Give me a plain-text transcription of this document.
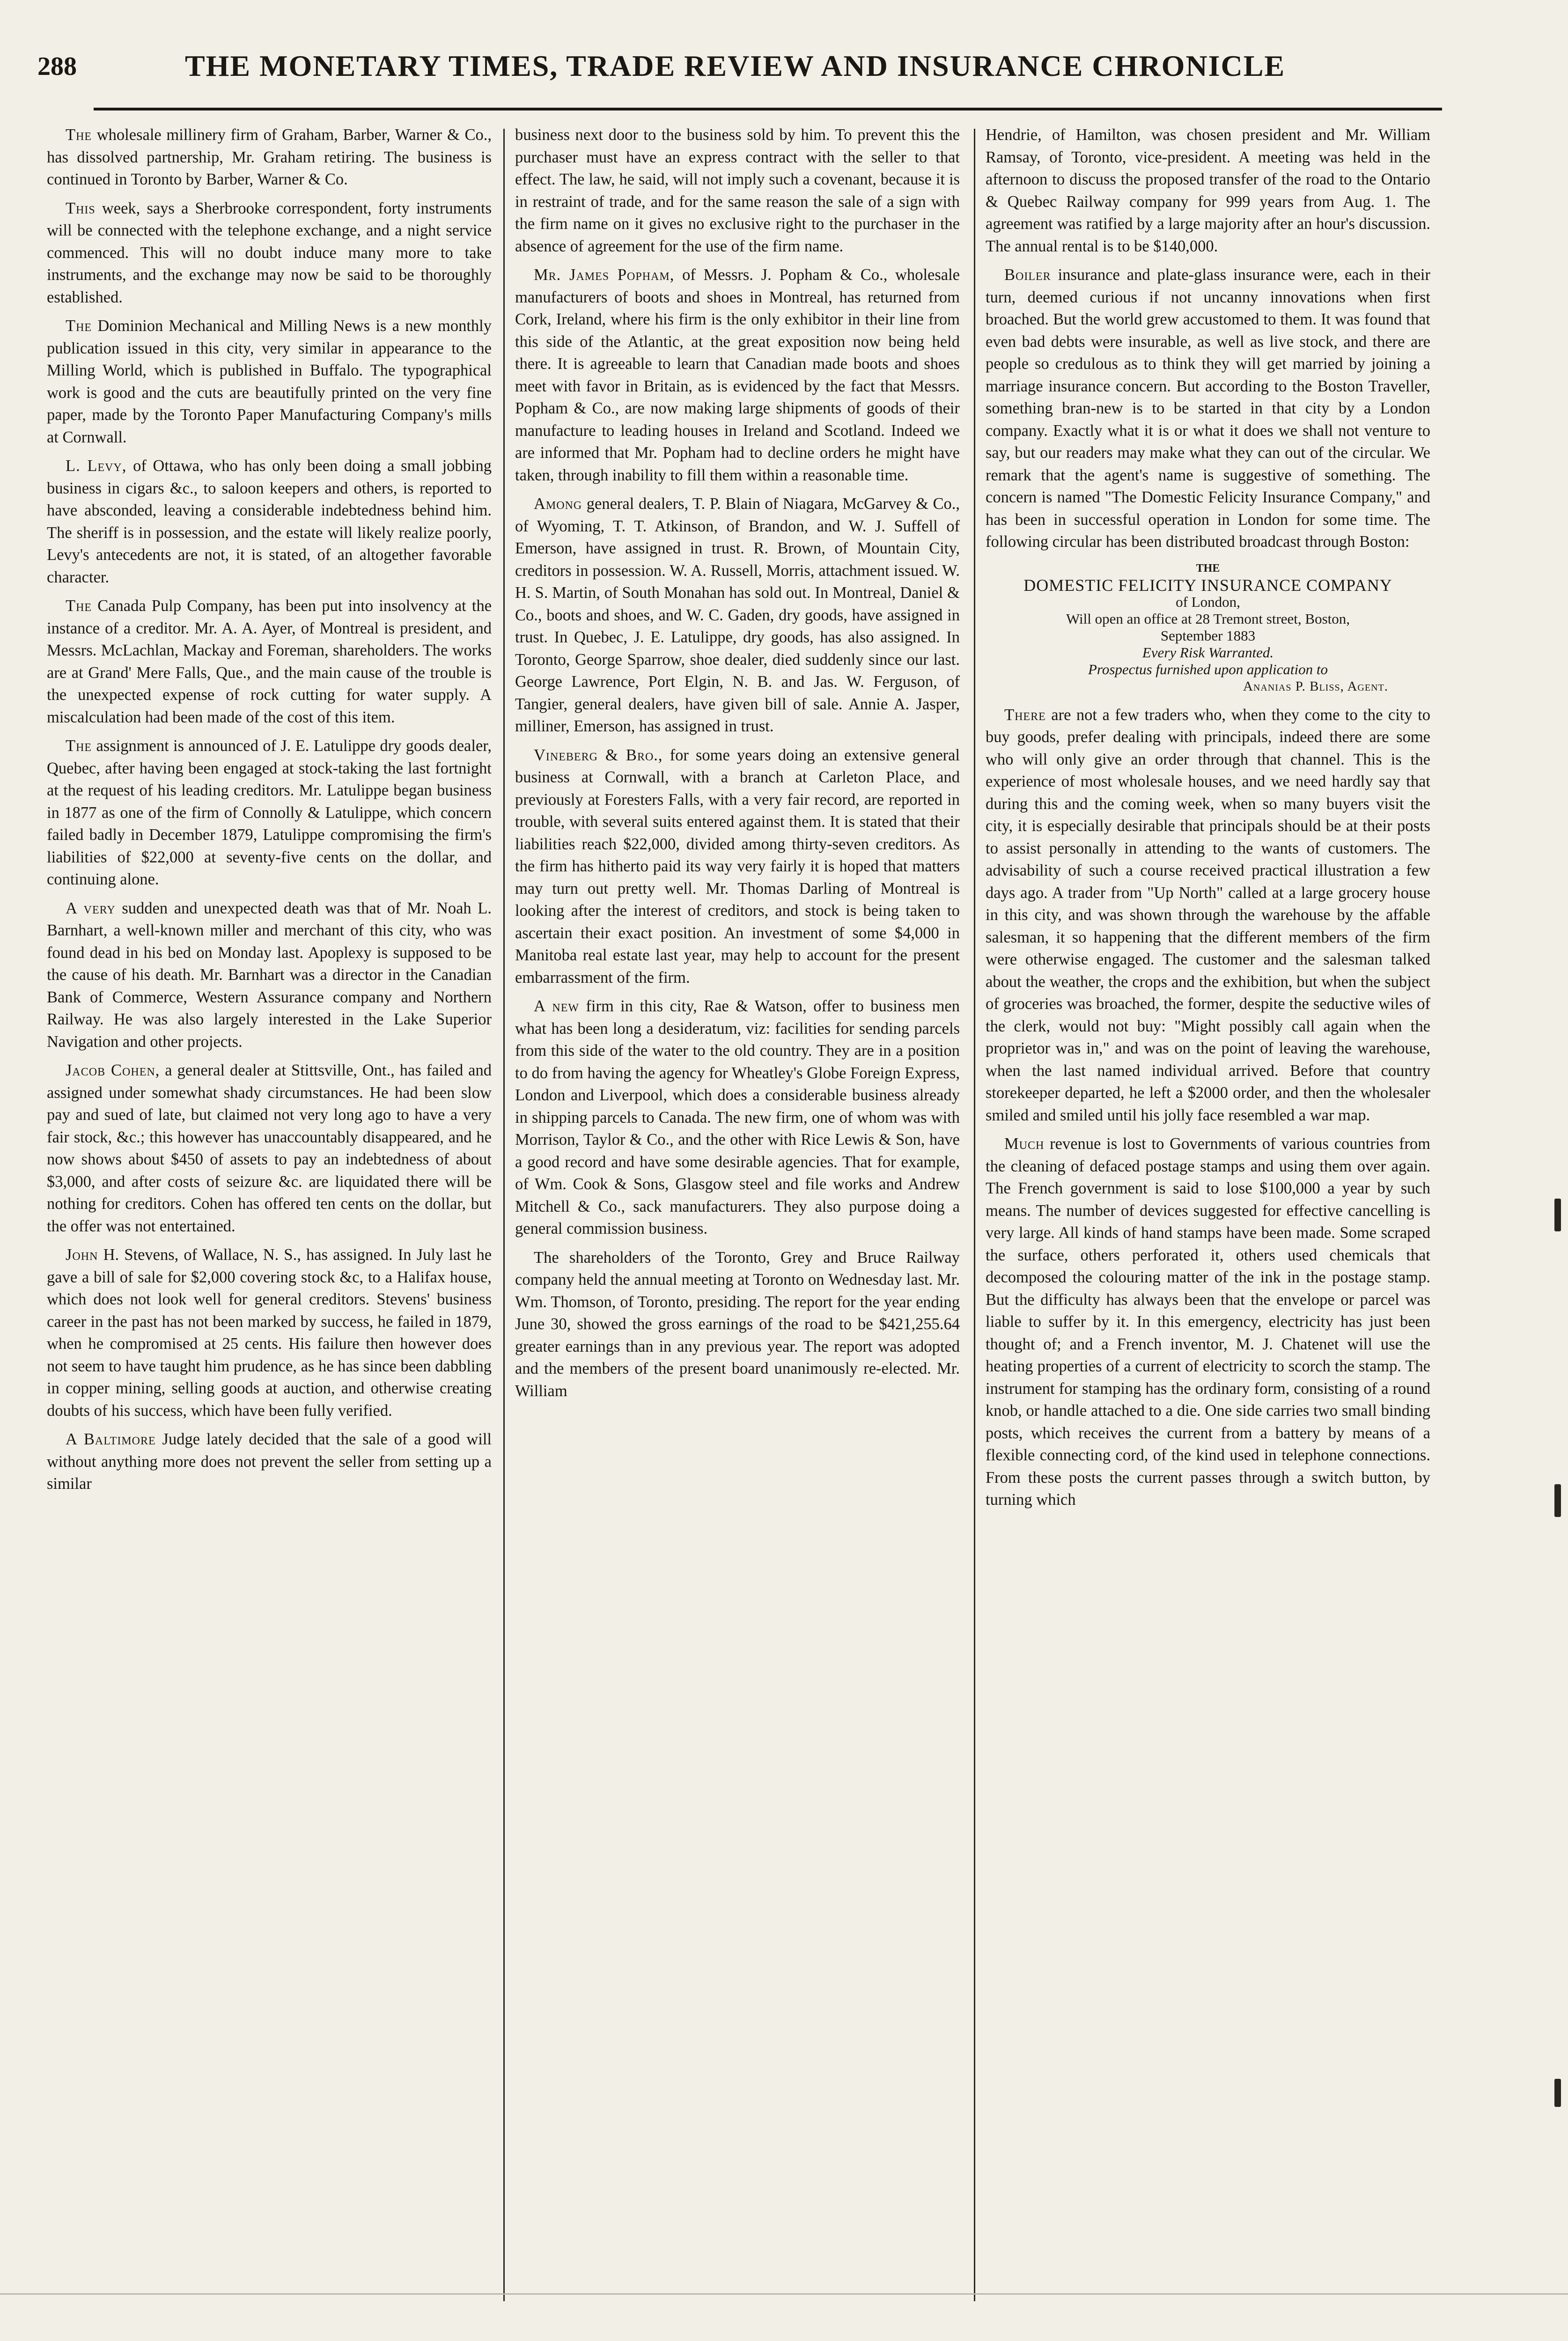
288	THE MONETARY TIMES, TRADE REVIEW AND INSURANCE CHRONICLE

The wholesale millinery firm of Graham, Barber, Warner & Co., has dissolved partnership, Mr. Graham retiring. The business is continued in Toronto by Barber, Warner & Co.

This week, says a Sherbrooke correspondent, forty instruments will be connected with the telephone exchange, and a night service commenced. This will no doubt induce many more to take instruments, and the exchange may now be said to be thoroughly established.

The Dominion Mechanical and Milling News is a new monthly publication issued in this city, very similar in appearance to the Milling World, which is published in Buffalo. The typographical work is good and the cuts are beautifully printed on the very fine paper, made by the Toronto Paper Manufacturing Company's mills at Cornwall.

L. Levy, of Ottawa, who has only been doing a small jobbing business in cigars &c., to saloon keepers and others, is reported to have absconded, leaving a considerable indebtedness behind him. The sheriff is in possession, and the estate will likely realize poorly, Levy's antecedents are not, it is stated, of an altogether favorable character.

The Canada Pulp Company, has been put into insolvency at the instance of a creditor. Mr. A. A. Ayer, of Montreal is president, and Messrs. McLachlan, Mackay and Foreman, shareholders. The works are at Grand' Mere Falls, Que., and the main cause of the trouble is the unexpected expense of rock cutting for water supply. A miscalculation had been made of the cost of this item.

The assignment is announced of J. E. Latulippe dry goods dealer, Quebec, after having been engaged at stock-taking the last fortnight at the request of his leading creditors. Mr. Latulippe began business in 1877 as one of the firm of Connolly & Latulippe, which concern failed badly in December 1879, Latulippe compromising the firm's liabilities of $22,000 at seventy-five cents on the dollar, and continuing alone.

A very sudden and unexpected death was that of Mr. Noah L. Barnhart, a well-known miller and merchant of this city, who was found dead in his bed on Monday last. Apoplexy is supposed to be the cause of his death. Mr. Barnhart was a director in the Canadian Bank of Commerce, Western Assurance company and Northern Railway. He was also largely interested in the Lake Superior Navigation and other projects.

Jacob Cohen, a general dealer at Stittsville, Ont., has failed and assigned under somewhat shady circumstances. He had been slow pay and sued of late, but claimed not very long ago to have a very fair stock, &c.; this however has unaccountably disappeared, and he now shows about $450 of assets to pay an indebtedness of about $3,000, and after costs of seizure &c. are liquidated there will be nothing for creditors. Cohen has offered ten cents on the dollar, but the offer was not entertained.

John H. Stevens, of Wallace, N. S., has assigned. In July last he gave a bill of sale for $2,000 covering stock &c, to a Halifax house, which does not look well for general creditors. Stevens' business career in the past has not been marked by success, he failed in 1879, when he compromised at 25 cents. His failure then however does not seem to have taught him prudence, as he has since been dabbling in copper mining, selling goods at auction, and otherwise creating doubts of his success, which have been fully verified.

A Baltimore Judge lately decided that the sale of a good will without anything more does not prevent the seller from setting up a similar

business next door to the business sold by him. To prevent this the purchaser must have an express contract with the seller to that effect. The law, he said, will not imply such a covenant, because it is in restraint of trade, and for the same reason the sale of a sign with the firm name on it gives no exclusive right to the purchaser in the absence of agreement for the use of the firm name.

Mr. James Popham, of Messrs. J. Popham & Co., wholesale manufacturers of boots and shoes in Montreal, has returned from Cork, Ireland, where his firm is the only exhibitor in their line from this side of the Atlantic, at the great exposition now being held there. It is agreeable to learn that Canadian made boots and shoes meet with favor in Britain, as is evidenced by the fact that Messrs. Popham & Co., are now making large shipments of goods of their manufacture to leading houses in Ireland and Scotland. Indeed we are informed that Mr. Popham had to decline orders he might have taken, through inability to fill them within a reasonable time.

Among general dealers, T. P. Blain of Niagara, McGarvey & Co., of Wyoming, T. T. Atkinson, of Brandon, and W. J. Suffell of Emerson, have assigned in trust. R. Brown, of Mountain City, creditors in possession. W. A. Russell, Morris, attachment issued. W. H. S. Martin, of South Monahan has sold out. In Montreal, Daniel & Co., boots and shoes, and W. C. Gaden, dry goods, have assigned in trust. In Quebec, J. E. Latulippe, dry goods, has also assigned. In Toronto, George Sparrow, shoe dealer, died suddenly since our last. George Lawrence, Port Elgin, N. B. and Jas. W. Ferguson, of Tangier, general dealers, have given bill of sale. Annie A. Jasper, milliner, Emerson, has assigned in trust.

Vineberg & Bro., for some years doing an extensive general business at Cornwall, with a branch at Carleton Place, and previously at Foresters Falls, with a very fair record, are reported in trouble, with several suits entered against them. It is stated that their liabilities reach $22,000, divided among thirty-seven creditors. As the firm has hitherto paid its way very fairly it is hoped that matters may turn out pretty well. Mr. Thomas Darling of Montreal is looking after the interest of creditors, and stock is being taken to ascertain their exact position. An investment of some $4,000 in Manitoba real estate last year, may help to account for the present embarrassment of the firm.

A new firm in this city, Rae & Watson, offer to business men what has been long a desideratum, viz: facilities for sending parcels from this side of the water to the old country. They are in a position to do from having the agency for Wheatley's Globe Foreign Express, London and Liverpool, which does a considerable business already in shipping parcels to Canada. The new firm, one of whom was with Morrison, Taylor & Co., and the other with Rice Lewis & Son, have a good record and have some desirable agencies. That for example, of Wm. Cook & Sons, Glasgow steel and file works and Andrew Mitchell & Co., sack manufacturers. They also purpose doing a general commission business.

The shareholders of the Toronto, Grey and Bruce Railway company held the annual meeting at Toronto on Wednesday last. Mr. Wm. Thomson, of Toronto, presiding. The report for the year ending June 30, showed the gross earnings of the road to be $421,255.64 greater earnings than in any previous year. The report was adopted and the members of the present board unanimously re-elected. Mr. William

Hendrie, of Hamilton, was chosen president and Mr. William Ramsay, of Toronto, vice-president. A meeting was held in the afternoon to discuss the proposed transfer of the road to the Ontario & Quebec Railway company for 999 years from Aug. 1. The agreement was ratified by a large majority after an hour's discussion. The annual rental is to be $140,000.

Boiler insurance and plate-glass insurance were, each in their turn, deemed curious if not uncanny innovations when first broached. But the world grew accustomed to them. It was found that even bad debts were insurable, as well as live stock, and there are people so credulous as to think they will get married by joining a marriage insurance concern. But according to the Boston Traveller, something bran-new is to be started in that city by a London company. Exactly what it is or what it does we shall not venture to say, but our readers may make what they can out of the circular. We remark that the agent's name is suggestive of something. The concern is named "The Domestic Felicity Insurance Company," and has been in successful operation in London for some time. The following circular has been distributed broadcast through Boston:

THE
DOMESTIC FELICITY INSURANCE COMPANY
of London,
Will open an office at 28 Tremont street, Boston,
September 1883
Every Risk Warranted.
Prospectus furnished upon application to
Ananias P. Bliss, Agent.

There are not a few traders who, when they come to the city to buy goods, prefer dealing with principals, indeed there are some who will only give an order through that channel. This is the experience of most wholesale houses, and we need hardly say that during this and the coming week, when so many buyers visit the city, it is especially desirable that principals should be at their posts to assist personally in attending to the wants of customers. The advisability of such a course received practical illustration a few days ago. A trader from "Up North" called at a large grocery house in this city, and was shown through the warehouse by the affable salesman, it so happening that the different members of the firm were otherwise engaged. The customer and the salesman talked about the weather, the crops and the exhibition, but when the subject of groceries was broached, the former, despite the seductive wiles of the clerk, would not buy: "Might possibly call again when the proprietor was in," and was on the point of leaving the warehouse, when the last named individual arrived. Before that country storekeeper departed, he left a $2000 order, and then the wholesaler smiled and smiled until his jolly face resembled a war map.

Much revenue is lost to Governments of various countries from the cleaning of defaced postage stamps and using them over again. The French government is said to lose $100,000 a year by such means. The number of devices suggested for effective cancelling is very large. All kinds of hand stamps have been made. Some scraped the surface, others perforated it, others used chemicals that decomposed the colouring matter of the ink in the postage stamp. But the difficulty has always been that the envelope or parcel was liable to suffer by it. In this emergency, electricity has just been thought of; and a French inventor, M. J. Chatenet will use the heating properties of a current of electricity to scorch the stamp. The instrument for stamping has the ordinary form, consisting of a round knob, or handle attached to a die. One side carries two small binding posts, which receives the current from a battery by means of a flexible connecting cord, of the kind used in telephone connections. From these posts the current passes through a switch button, by turning which
